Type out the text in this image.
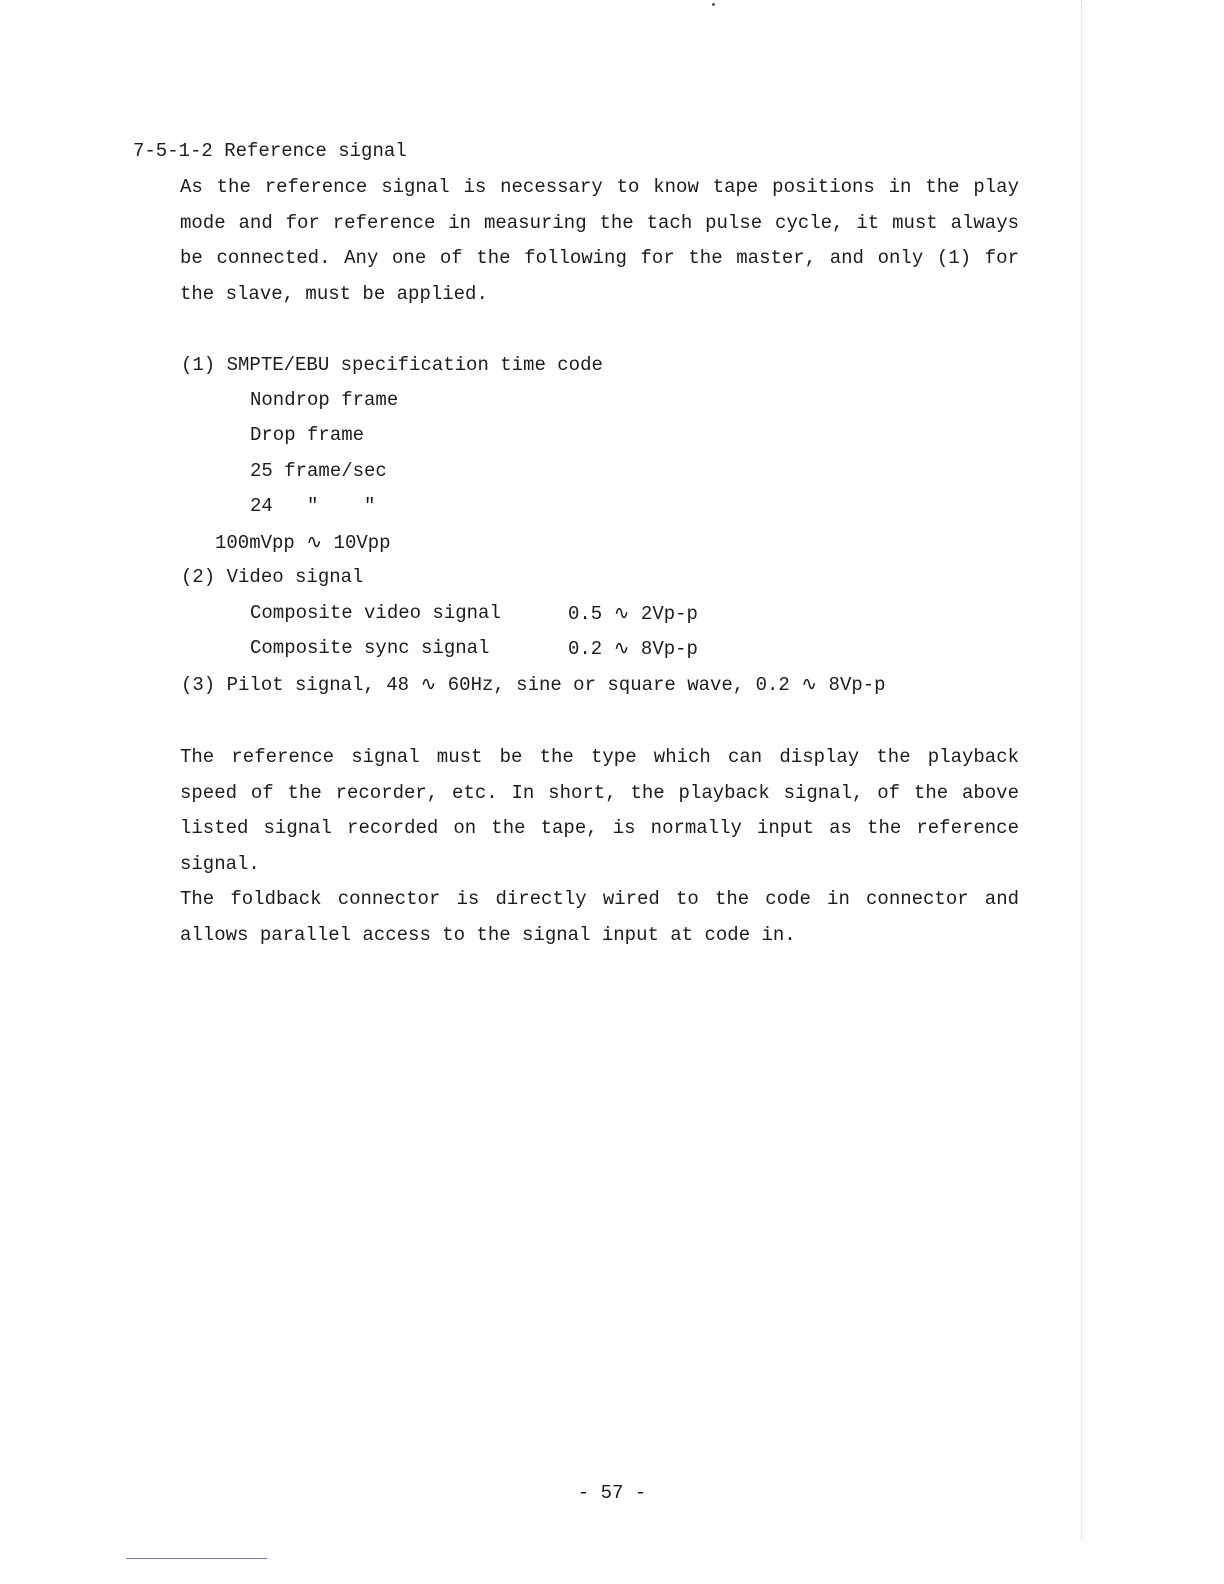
7-5-1-2 Reference signal
As the reference signal is necessary to know tape positions in the play mode and for reference in measuring the tach pulse cycle, it must always be connected. Any one of the following for the master, and only (1) for the slave, must be applied.
(1) SMPTE/EBU specification time code
Nondrop frame
Drop frame
25 frame/sec
24   "    "
100mVpp ∿ 10Vpp
(2) Video signal
Composite video signal	0.5 ∿ 2Vp-p
Composite sync signal	0.2 ∿ 8Vp-p
(3) Pilot signal, 48 ∿ 60Hz, sine or square wave, 0.2 ∿ 8Vp-p
The reference signal must be the type which can display the playback speed of the recorder, etc. In short, the playback signal, of the above listed signal recorded on the tape, is normally input as the reference signal.
The foldback connector is directly wired to the code in connector and allows parallel access to the signal input at code in.
- 57 -
